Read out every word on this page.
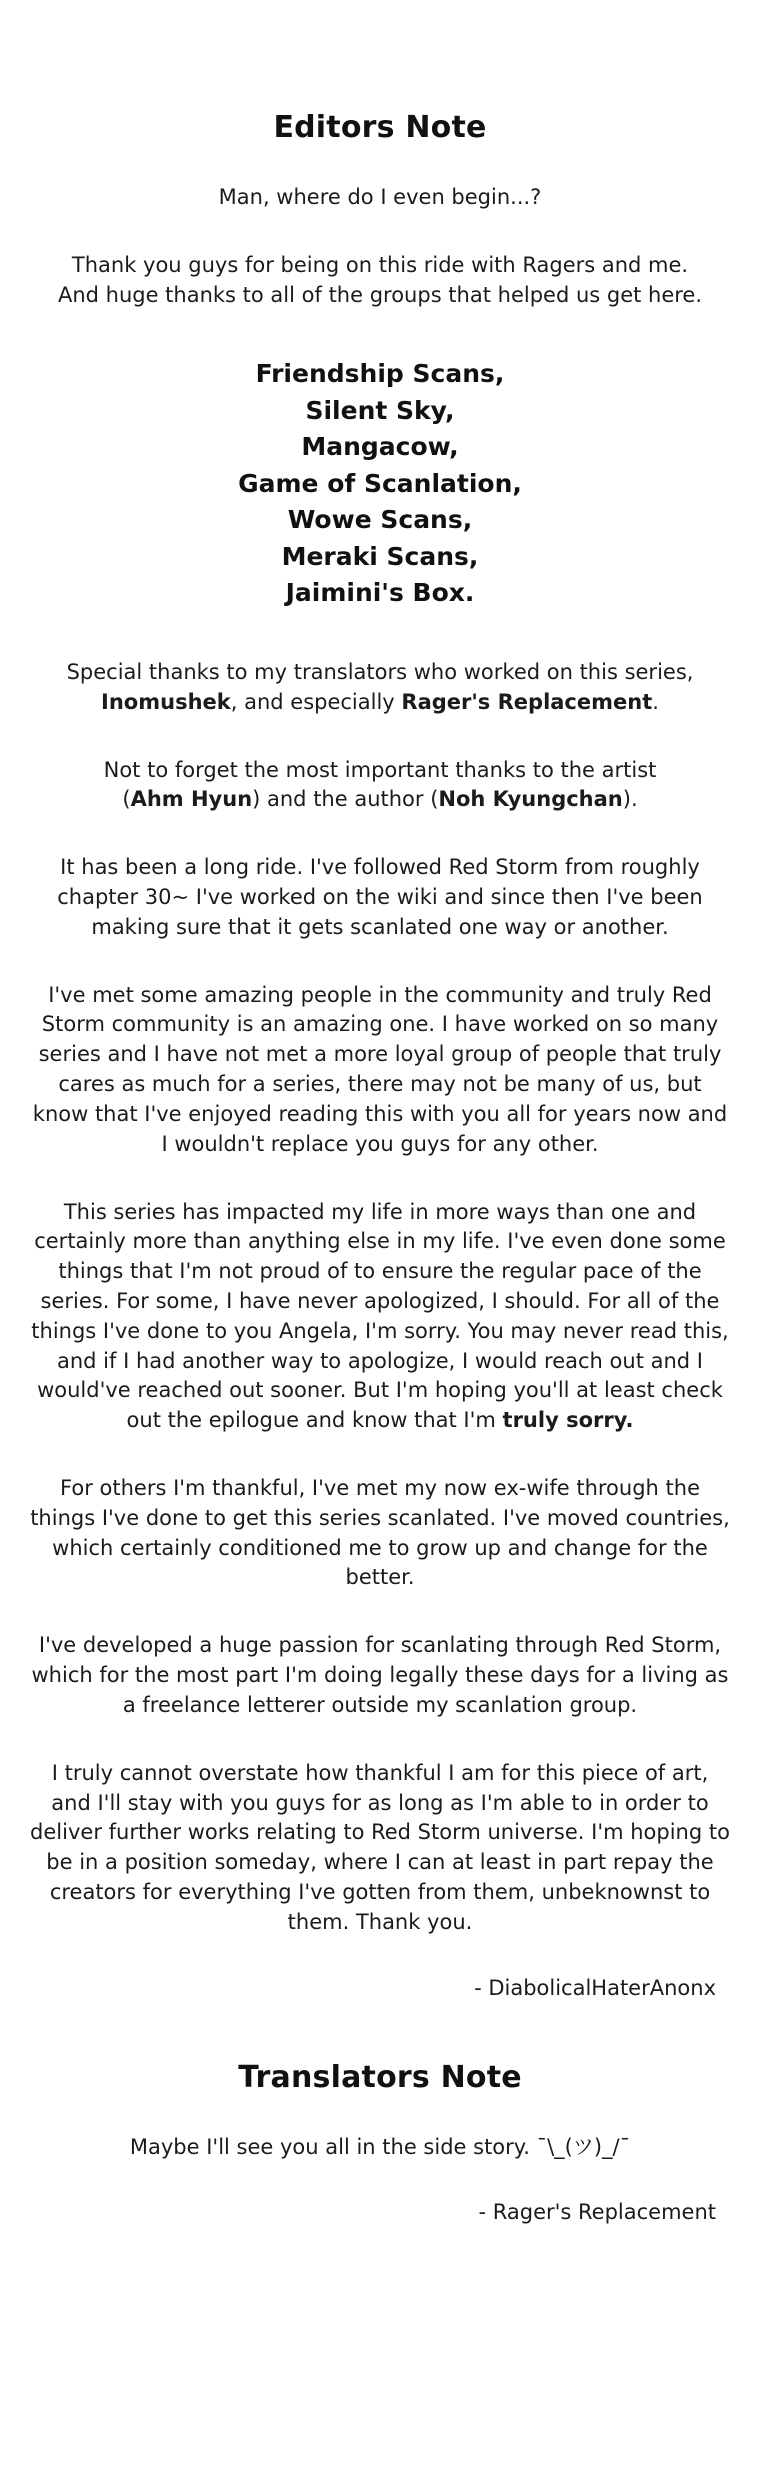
Editors Note

Man, where do I even begin...?

Thank you guys for being on this ride with Ragers and me.

And huge thanks to all of the groups that helped us get here.

Friendship Scans,
Silent Sky,
Mangacow,
Game of Scanlation,
Wowe Scans,
Meraki Scans,
Jaimini's Box.

Special thanks to my translators who worked on this series,

Inomushek, and especially Rager's Replacement.

Not to forget the most important thanks to the artist

(Ahm Hyun) and the author (Noh Kyungchan).

It has been a long ride. I've followed Red Storm from roughly chapter 30~ I've worked on the wiki and since then I've been making sure that it gets scanlated one way or another.

I've met some amazing people in the community and truly Red Storm community is an amazing one. I have worked on so many series and I have not met a more loyal group of people that truly cares as much for a series, there may not be many of us, but know that I've enjoyed reading this with you all for years now and I wouldn't replace you guys for any other.

This series has impacted my life in more ways than one and certainly more than anything else in my life. I've even done some things that I'm not proud of to ensure the regular pace of the series. For some, I have never apologized, I should. For all of the things I've done to you Angela, I'm sorry. You may never read this, and if I had another way to apologize, I would reach out and I would've reached out sooner. But I'm hoping you'll at least check out the epilogue and know that I'm truly sorry.

For others I'm thankful, I've met my now ex-wife through the things I've done to get this series scanlated. I've moved countries, which certainly conditioned me to grow up and change for the better.

I've developed a huge passion for scanlating through Red Storm, which for the most part I'm doing legally these days for a living as a freelance letterer outside my scanlation group.

I truly cannot overstate how thankful I am for this piece of art, and I'll stay with you guys for as long as I'm able to in order to deliver further works relating to Red Storm universe. I'm hoping to be in a position someday, where I can at least in part repay the creators for everything I've gotten from them, unbeknownst to them. Thank you.

- DiabolicalHaterAnonx

Translators Note

Maybe I'll see you all in the side story. ¯\_(ツ)_/¯

- Rager's Replacement
